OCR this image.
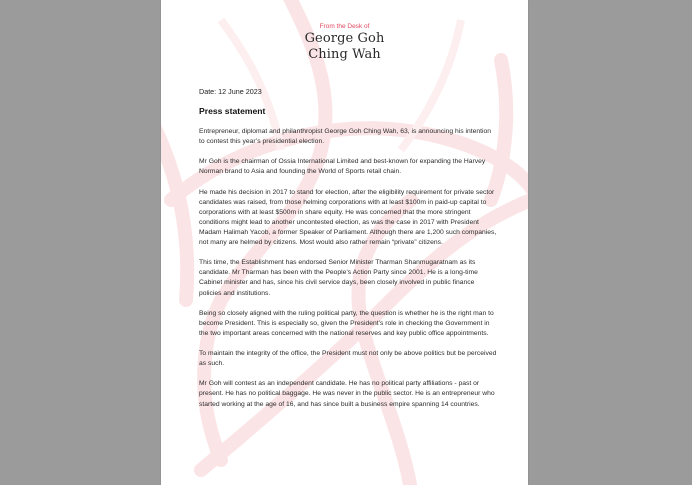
From the Desk of
George Goh
Ching Wah
Date: 12 June 2023
Press statement

Entrepreneur, diplomat and philanthropist George Goh Ching Wah, 63, is announcing his intention to contest this year’s presidential election.

Mr Goh is the chairman of Ossia International Limited and best-known for expanding the Harvey Norman brand to Asia and founding the World of Sports retail chain.

He made his decision in 2017 to stand for election, after the eligibility requirement for private sector candidates was raised, from those helming corporations with at least $100m in paid-up capital to corporations with at least $500m in share equity. He was concerned that the more stringent conditions might lead to another uncontested election, as was the case in 2017 with President Madam Halimah Yacob, a former Speaker of Parliament. Although there are 1,200 such companies, not many are helmed by citizens. Most would also rather remain “private” citizens.

This time, the Establishment has endorsed Senior Minister Tharman Shanmugaratnam as its candidate. Mr Tharman has been with the People’s Action Party since 2001. He is a long-time Cabinet minister and has, since his civil service days, been closely involved in public finance policies and institutions.

Being so closely aligned with the ruling political party, the question is whether he is the right man to become President. This is especially so, given the President’s role in checking the Government in the two important areas concerned with the national reserves and key public office appointments.

To maintain the integrity of the office, the President must not only be above politics but be perceived as such.

Mr Goh will contest as an independent candidate. He has no political party affiliations - past or present. He has no political baggage. He was never in the public sector. He is an entrepreneur who started working at the age of 16, and has since built a business empire spanning 14 countries.
